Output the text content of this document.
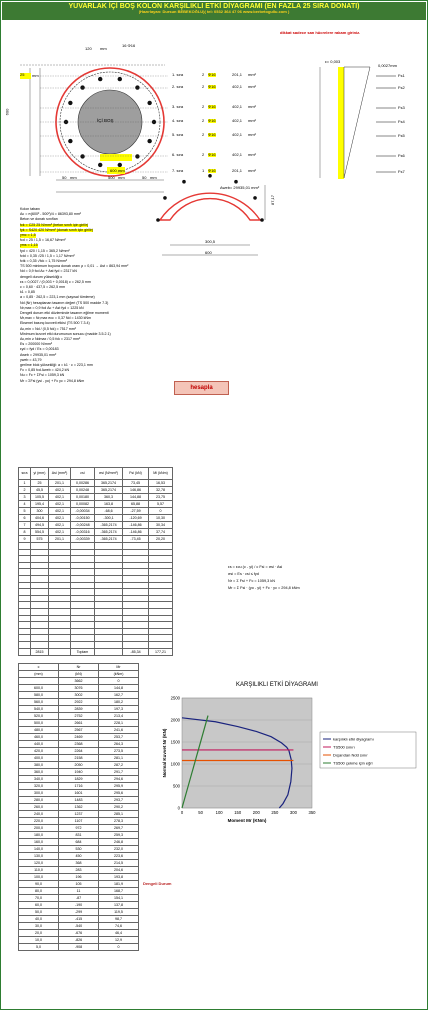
YUVARLAK İÇİ BOŞ KOLON KARŞILIKLI ETKİ DİYAGRAMI (EN FAZLA 25 SIRA DONATI)
(Hazırlayan: Dursun BEBEKOĞLU)( tel: 0532 364 47 06 www.berbetogullu.com )
dikkat sadece san hücrelere rakam giriniz.
120 mm
16 Φ16
İÇİ BOŞ
25	mm
600
50 mm	500 mm	50 mm
600 mm
1. sıra	2 Φ16	201,1 mm²
2. sıra	2 Φ16	402,1 mm²
3. sıra	2 Φ16	402,1 mm²
4. sıra	2 Φ16	402,1 mm²
5. sıra	2 Φ16	402,1 mm²
6. sıra	2 Φ16	402,1 mm²
7. sıra	1 Φ16	201,1 mm²
Fs1
Fs2
Fs3
Fs4
Fs5
Fs6
Fs7
ε= 0,003
0,0027mm
Aweb= 29935,01 mm²
300,5
600
87,17
Kolon tabanı
Ac = π(600² - 500²)/4 = 86393,80 mm²
Beton ve donatı sınıfları
fck = C25 25 N/mm² (beton sınıfı için girilir)
fyk = S420 420 N/mm² (donatı sınıfı için girilir)
γmc = 1,5
fcd = 25 / 1,5 = 16,67 N/mm²
γms = 1,15
fyd = 420 / 1,15 = 365,2 N/mm²
fctd = 0,35 √25 / 1,5 = 1,17 N/mm²
fctk = 0,35 √fck = 1,75 N/mm²
TS 500 minimum boyuna donatı oranı ρ = 0,01 → Ast = 863,94 mm²
Nd = 0,9 fcd Ac + Ast fyd = 2317 kN
dengeli durum yüksekliği c
εs = 0,0027 / (0,003 + 0,0018) c = 262,5 mm
c = 0,60 · 437,5 = 262,5 mm
k1 = 0,85
a = 0,85 · 262,5 = 223,1 mm (sayısal tümleme)
Nd (Nr) hesaplanan tasarım değeri (TS 500 madde 7.3)
Nr,max = 0,9 fcd Ac + Ast fyd = 1225 kN
Dengeli durum etki düzleminde tasarım eğilme momenti
Mr,max = Nr,max ecc = 0,37 Nd = 1430 kNm
Eksenel basınç kuvveti etkisi (TS 500 7.3.4)
Ac,min = Nd / (0,5 fck) = 7517 mm²
Minimum kuvvet etki durumunun sonucu (madde 3.5.2.1)
Ac,min ≥ Ndmax / 0,5 fck = 2317 mm²
Es = 200000 N/mm²
εyd = fyd / Es = 0,00183
Aweb = 29935,01 mm²
γweb = 43,79
gerilme blok yüksekliği: a = k1 · c = 223,1 mm
Fc = 0,85 fcd Aweb = 424,2 kN
Nu = Fc + ΣFsi = 1059,3 kN
Mr = ΣFsi (ysi - yo) + Fc yc = 294,8 kNm
hesapla
sıra	yi (mm)	Asi (mm²)	εsi	σsi (N/mm²)	Fsi (kN)	Mi (kNm)
1	25	201,1	0,00286	365,2174	73,45	16,53
2	45,5	402,1	0,00248	365,2174	146,86	32,78
3	105,5	402,1	0,00180	360,3	144,88	23,75
4	195,4	402,1	0,00082	163,8	65,88	5,57
5	300	402,1	-0,00034	-68,6	-27,59	0
6	404,6	402,1	-0,00150	-300,1	-120,69	10,30
7	494,5	402,1	-0,00248	-365,2174	-146,86	30,34
8	554,5	402,1	-0,00316	-365,2174	-146,86	37,74
9	575	201,1	-0,00339	-365,2174	-73,45	20,20

	2815		Toplam		-85,34	177,21
εs = εcu (c - yi) / c Fsi = σsi · Asi
σsi = Es · εsi ≤ fyd
Nr = Σ Fsi + Fc = 1059,3 kN
Mr = Σ Fsi · (yo - yi) + Fc · yc = 294,8 kNm
c	Nr	Mr
(mm)	(kN)	(kNm)
	3662	0
600,0	3076	144,8
580,0	3002	162,7
560,0	2922	180,2
540,0	2839	197,3
520,0	2752	213,4
500,0	2661	228,1
480,0	2567	241,6
460,0	2469	253,7
440,0	2368	264,3
420,0	2264	273,5
400,0	2158	281,1
380,0	2050	287,2
360,0	1940	291,7
340,0	1829	294,6
320,0	1716	295,9
300,0	1601	295,6
280,0	1483	293,7
260,0	1362	290,2
240,0	1237	285,1
220,0	1107	278,3
200,0	972	269,7
180,0	831	259,3
160,0	684	246,8
140,0	530	232,0
130,0	450	223,6
120,0	368	214,5
110,0	283	204,6
100,0	196	193,8
90,0	105	181,9
80,0	11	168,7
70,0	-87	154,1
60,0	-190	137,8
50,0	-299	119,5
40,0	-415	98,7
30,0	-540	74,6
20,0	-676	46,4
10,0	-826	12,9
5,0	-908	0
Dengeli Durum
0
500
1000
1500
2000
2500
0	50	100	150	200	250	300	350
KARŞILIKLI ETKİ DİYAGRAMI
Moment Mr (KNm)
Normal Kuvvet Nr (KN)	karşılıklı etki diyagramı
TS500 sınırı
Dışarıdan Ndd sınır
TS500 çekme için eğri
